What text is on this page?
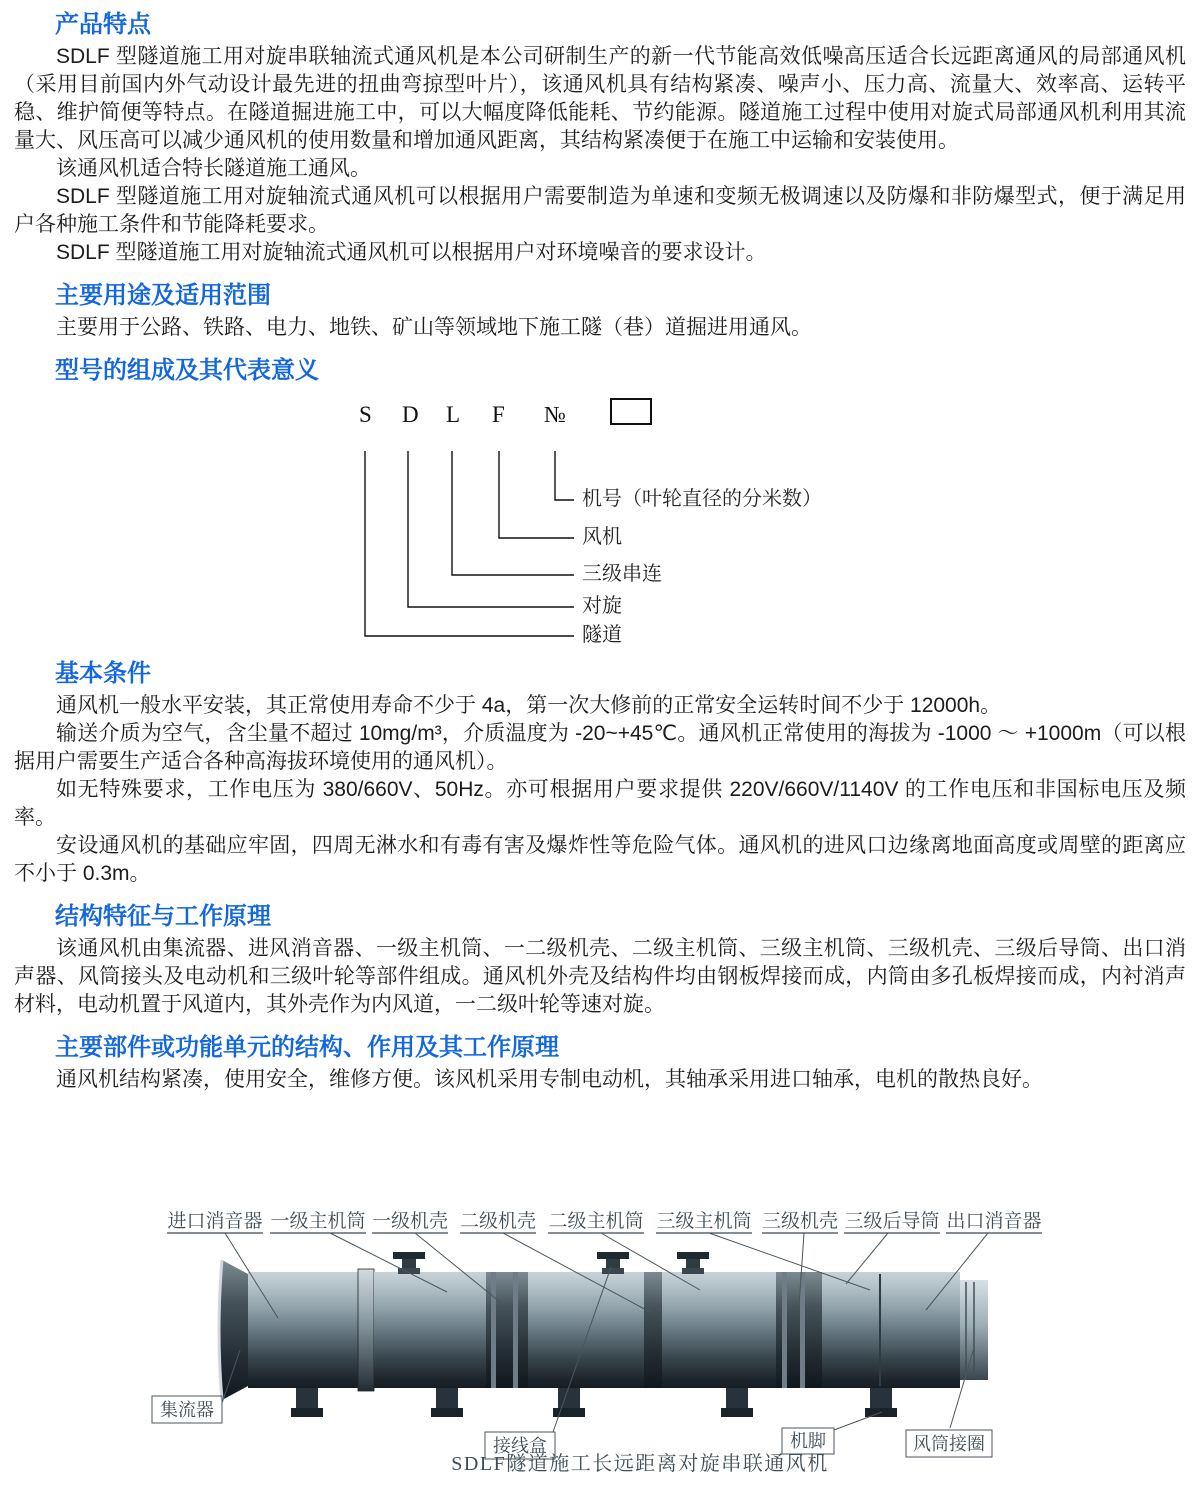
产品特点

SDLF 型隧道施工用对旋串联轴流式通风机是本公司研制生产的新一代节能高效低噪高压适合长远距离通风的局部通风机（采用目前国内外气动设计最先进的扭曲弯掠型叶片），该通风机具有结构紧凑、噪声小、压力高、流量大、效率高、运转平稳、维护简便等特点。在隧道掘进施工中，可以大幅度降低能耗、节约能源。隧道施工过程中使用对旋式局部通风机利用其流量大、风压高可以减少通风机的使用数量和增加通风距离，其结构紧凑便于在施工中运输和安装使用。

该通风机适合特长隧道施工通风。

SDLF 型隧道施工用对旋轴流式通风机可以根据用户需要制造为单速和变频无极调速以及防爆和非防爆型式，便于满足用户各种施工条件和节能降耗要求。

SDLF 型隧道施工用对旋轴流式通风机可以根据用户对环境噪音的要求设计。

主要用途及适用范围

主要用于公路、铁路、电力、地铁、矿山等领域地下施工隧（巷）道掘进用通风。

型号的组成及其代表意义
S D L F №
机号（叶轮直径的分米数）
风机
三级串连
对旋
隧道
基本条件

通风机一般水平安装，其正常使用寿命不少于 4a，第一次大修前的正常安全运转时间不少于 12000h。

输送介质为空气，含尘量不超过 10mg/m³，介质温度为 -20~+45℃。通风机正常使用的海拔为 -1000 ～ +1000m（可以根据用户需要生产适合各种高海拔环境使用的通风机）。

如无特殊要求，工作电压为 380/660V、50Hz。亦可根据用户要求提供 220V/660V/1140V 的工作电压和非国标电压及频率。

安设通风机的基础应牢固，四周无淋水和有毒有害及爆炸性等危险气体。通风机的进风口边缘离地面高度或周壁的距离应不小于 0.3m。

结构特征与工作原理

该通风机由集流器、进风消音器、一级主机筒、一二级机壳、二级主机筒、三级主机筒、三级机壳、三级后导筒、出口消声器、风筒接头及电动机和三级叶轮等部件组成。通风机外壳及结构件均由钢板焊接而成，内筒由多孔板焊接而成，内衬消声材料，电动机置于风道内，其外壳作为内风道，一二级叶轮等速对旋。

主要部件或功能单元的结构、作用及其工作原理

通风机结构紧凑，使用安全，维修方便。该风机采用专制电动机，其轴承采用进口轴承，电机的散热良好。

进口消音器 一级主机筒 一级机壳 二级机壳 二级主机筒 三级主机筒 三级机壳 三级后导筒 出口消音器
集流器
接线盒	机脚	风筒接圈
SDLF隧道施工长远距离对旋串联通风机
